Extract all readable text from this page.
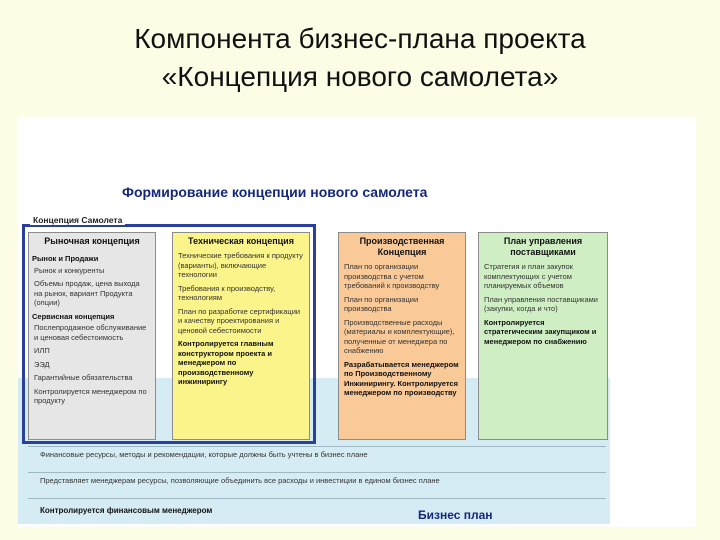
Компонента бизнес-плана проекта
«Концепция нового самолета»
Формирование концепции нового самолета
Концепция Самолета
Рыночная концепция
Рынок и Продажи
Рынок и конкуренты
Объемы продаж, цена выхода на рынок, вариант Продукта (опции)
Сервисная концепция
Послепродажное обслуживание и ценовая себестоимость
ИЛП
ЭЭД
Гарантийные обязательства
Контролируется менеджером по продукту
Техническая концепция
Технические требования к продукту (варианты), включающие технологии
Требования к производству, технологиям
План по разработке сертификации и качеству проектирования и ценовой себестоимости
Контролируется главным конструктором проекта и менеджером по производственному инжинирингу
Производственная Концепция
План по организации производства с учетом требований к производству
План по организации производства
Производственные расходы (материалы и комплектующие), полученные от менеджера по снабжению
Разрабатывается менеджером по Производственному Инжинирингу. Контролируется менеджером по производству
План управления поставщиками
Стратегия и план закупок комплектующих с учетом планируемых объемов
План управления поставщиками (закупки, когда и что)
Контролируется стратегическим закупщиком и менеджером по снабжению
Финансовые ресурсы, методы и рекомендации, которые должны быть учтены в бизнес плане
Представляет менеджерам ресурсы, позволяющие объединить все расходы и инвестиции в едином бизнес плане
Контролируется финансовым менеджером	Бизнес план
